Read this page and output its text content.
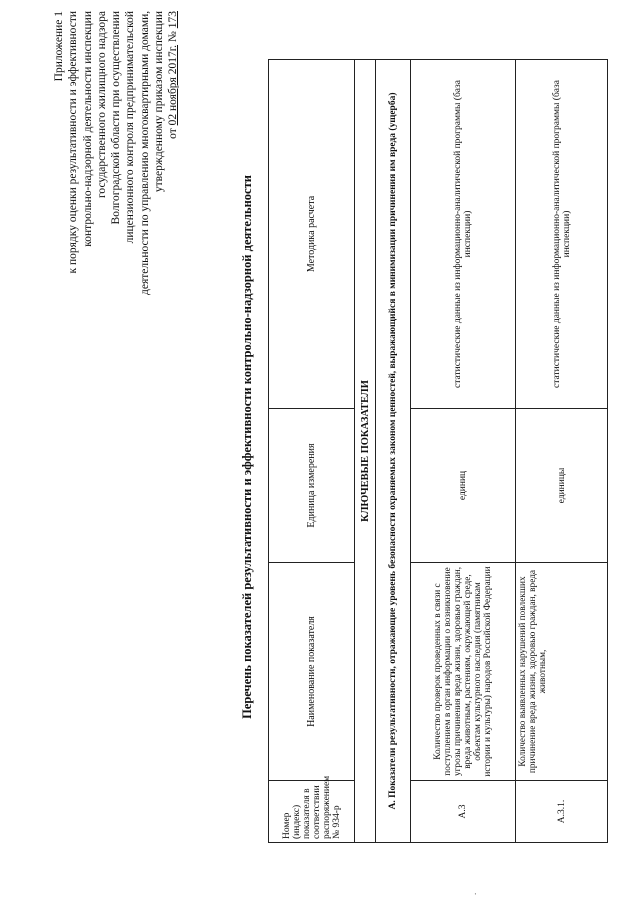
Приложение 1 к порядку оценки результативности и эффективности контрольно-надзорной деятельности инспекции государственного жилищного надзора Волгоградской области при осуществлении лицензионного контроля предпринимательской деятельности по управлению многоквартирными домами, утвержденному приказом инспекции от 02 ноября 2017г. № 173
Перечень показателей результативности и эффективности контрольно-надзорной деятельности
Номер (индекс) показателя в соответствии распоряжением № 934-р	Наименование показателя	Единица измерения	Методика расчета
КЛЮЧЕВЫЕ ПОКАЗАТЕЛИ			
А. Показатели результативности, отражающие уровень безопасности охраняемых законом ценностей, выражающийся в минимизации причинения им вреда (ущерба)			
А.3	Количество проверок проведенных в связи с поступлением в орган информации о возникновение угрозы причинения вреда жизни, здоровью граждан, вреда животным, растениям, окружающей среде, объектам культурного наследия (памятникам истории и культуры) народов Российской Федерации	единиц	статистические данные из информационно-аналитической программы (база инспекции)
А.3.1.	Количество выявленных нарушений повлекших причинение вреда жизни, здоровью граждан, вреда животным,	единицы	статистические данные из информационно-аналитической программы (база инспекции)
.
